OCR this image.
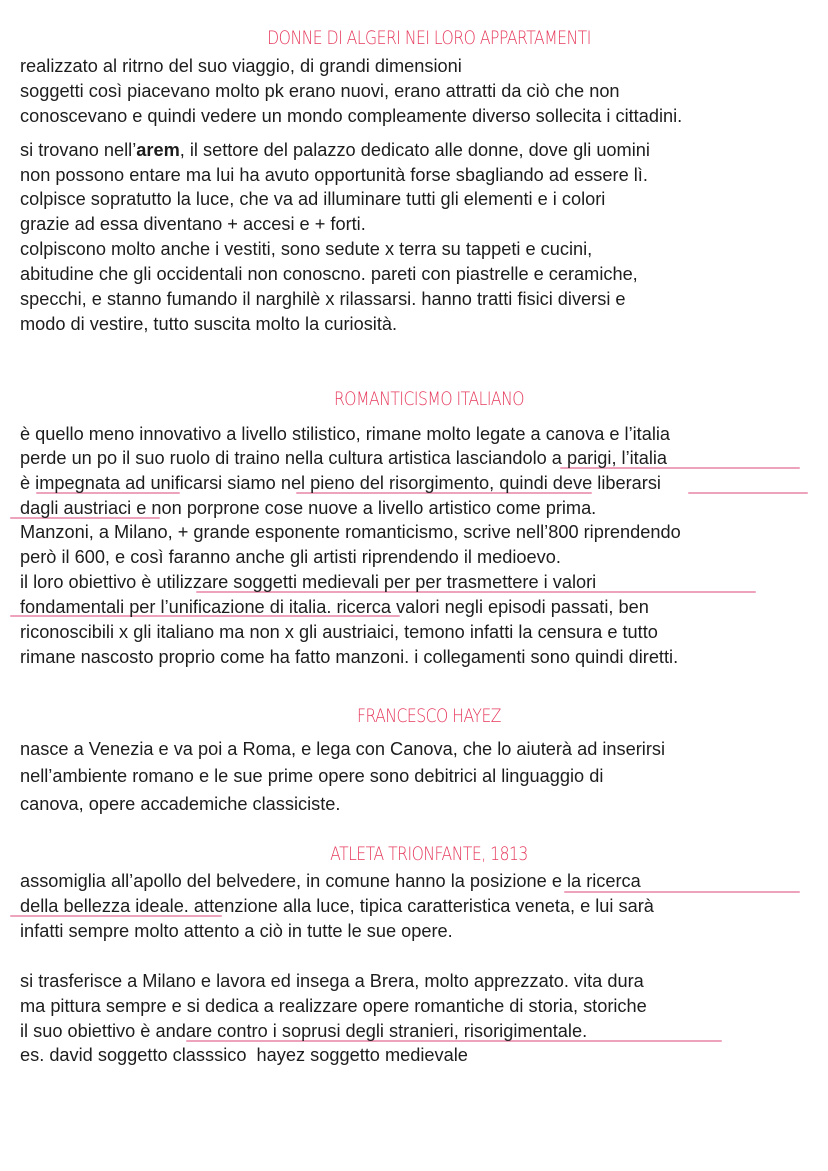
DONNE DI ALGERI NEI LORO APPARTAMENTI
realizzato al ritrno del suo viaggio, di grandi dimensioni
soggetti così piacevano molto pk erano nuovi, erano attratti da ciò che non
conoscevano e quindi vedere un mondo compleamente diverso sollecita i cittadini.
si trovano nell’arem, il settore del palazzo dedicato alle donne, dove gli uomini
non possono entare ma lui ha avuto opportunità forse sbagliando ad essere lì.
colpisce sopratutto la luce, che va ad illuminare tutti gli elementi e i colori
grazie ad essa diventano + accesi e + forti.
colpiscono molto anche i vestiti, sono sedute x terra su tappeti e cucini,
abitudine che gli occidentali non conoscno. pareti con piastrelle e ceramiche,
specchi, e stanno fumando il narghilè x rilassarsi. hanno tratti fisici diversi e
modo di vestire, tutto suscita molto la curiosità.
ROMANTICISMO ITALIANO
è quello meno innovativo a livello stilistico, rimane molto legate a canova e l’italia
perde un po il suo ruolo di traino nella cultura artistica lasciandolo a parigi, l’italia
è impegnata ad unificarsi siamo nel pieno del risorgimento, quindi deve liberarsi
dagli austriaci e non porprone cose nuove a livello artistico come prima.
Manzoni, a Milano, + grande esponente romanticismo, scrive nell’800 riprendendo
però il 600, e così faranno anche gli artisti riprendendo il medioevo.
il loro obiettivo è utilizzare soggetti medievali per per trasmettere i valori
fondamentali per l’unificazione di italia. ricerca valori negli episodi passati, ben
riconoscibili x gli italiano ma non x gli austriaici, temono infatti la censura e tutto
rimane nascosto proprio come ha fatto manzoni. i collegamenti sono quindi diretti.
FRANCESCO HAYEZ
nasce a Venezia e va poi a Roma, e lega con Canova, che lo aiuterà ad inserirsi
nell’ambiente romano e le sue prime opere sono debitrici al linguaggio di
canova, opere accademiche classiciste.
ATLETA TRIONFANTE, 1813
assomiglia all’apollo del belvedere, in comune hanno la posizione e la ricerca
della bellezza ideale. attenzione alla luce, tipica caratteristica veneta, e lui sarà
infatti sempre molto attento a ciò in tutte le sue opere.
si trasferisce a Milano e lavora ed insega a Brera, molto apprezzato. vita dura
ma pittura sempre e si dedica a realizzare opere romantiche di storia, storiche
il suo obiettivo è andare contro i soprusi degli stranieri, risorigimentale.
es. david soggetto classsico  hayez soggetto medievale
